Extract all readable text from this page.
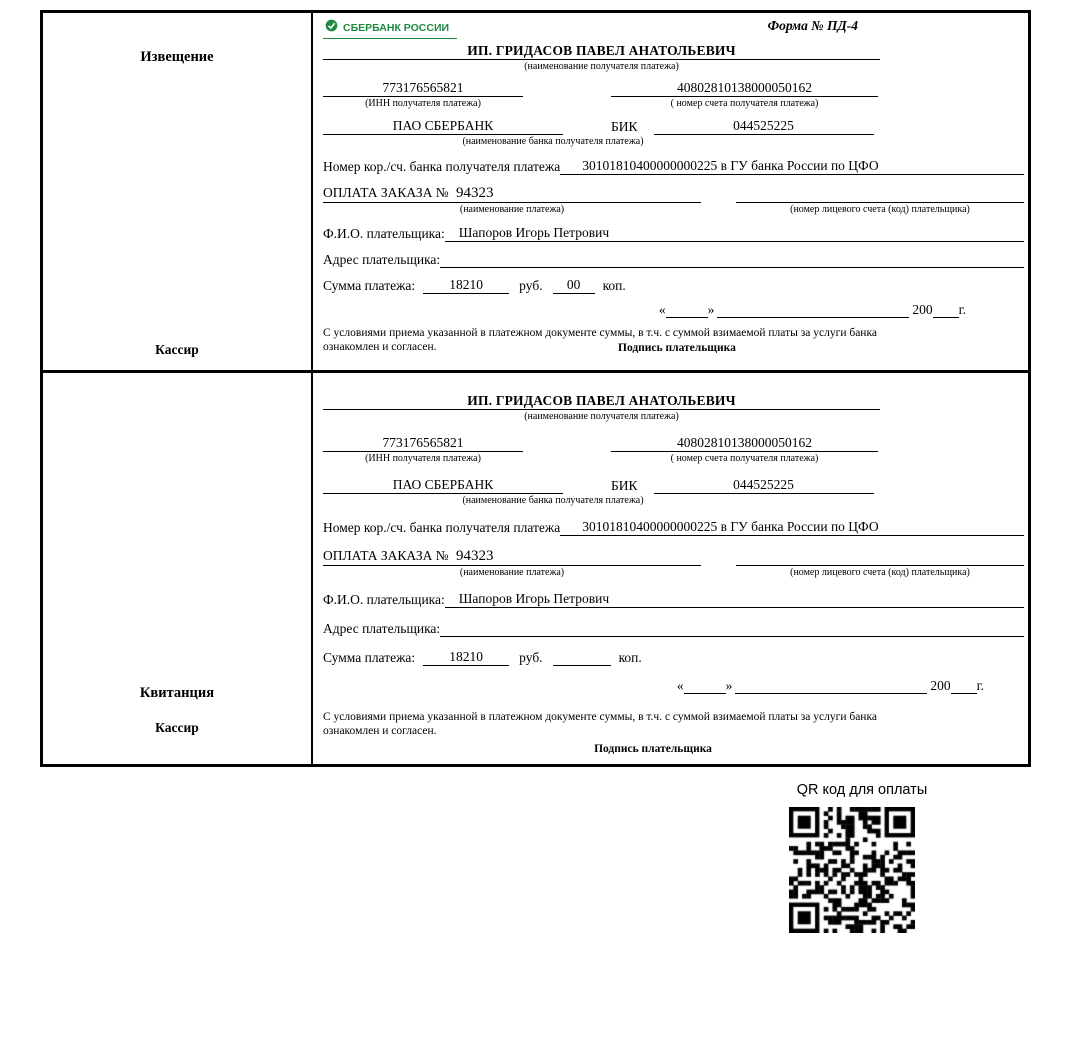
Извещение
Кассир
СБЕРБАНК РОССИИ	Форма № ПД-4
ИП. ГРИДАСОВ ПАВЕЛ АНАТОЛЬЕВИЧ
(наименование получателя платежа)
773176565821
(ИНН получателя платежа)
40802810138000050162
( номер счета получателя платежа)
ПАО СБЕРБАНК	БИК	044525225
(наименование банка получателя платежа)
Номер кор./сч. банка получателя платежа	30101810400000000225 в ГУ банка России по ЦФО
ОПЛАТА ЗАКАЗА № 94323
(наименование платежа)	(номер лицевого счета (код) плательщика)
Ф.И.О. плательщика:	Шапоров Игорь Петрович
Адрес плательщика:
Сумма платежа:	18210	руб.	00	коп.
«	»	200 г.

С условиями приема указанной в платежном документе суммы, в т.ч. с суммой взимаемой платы за услуги банка ознакомлен и согласен.	Подпись плательщика
Квитанция
Кассир
ИП. ГРИДАСОВ ПАВЕЛ АНАТОЛЬЕВИЧ
(наименование получателя платежа)
773176565821
(ИНН получателя платежа)
40802810138000050162
( номер счета получателя платежа)
ПАО СБЕРБАНК	БИК	044525225
(наименование банка получателя платежа)
Номер кор./сч. банка получателя платежа	30101810400000000225 в ГУ банка России по ЦФО
ОПЛАТА ЗАКАЗА № 94323
(наименование платежа)	(номер лицевого счета (код) плательщика)
Ф.И.О. плательщика:	Шапоров Игорь Петрович
Адрес плательщика:
Сумма платежа:	18210	руб.	коп.
«	»	200 г.

С условиями приема указанной в платежном документе суммы, в т.ч. с суммой взимаемой платы за услуги банка ознакомлен и согласен.

Подпись плательщика
QR код для оплаты
